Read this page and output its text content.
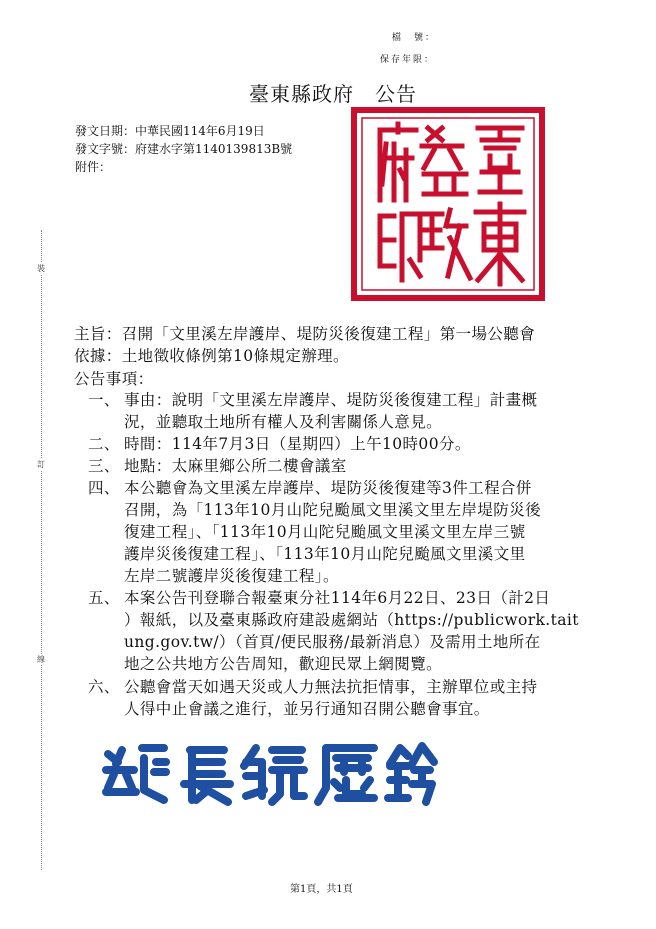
檔　號：
保存年限：
臺東縣政府　公告
發文日期：中華民國114年6月19日
發文字號：府建水字第1140139813B號
附件：
裝
訂
線
主旨：召開「文里溪左岸護岸、堤防災後復建工程」第一場公聽會
依據：土地徵收條例第10條規定辦理。
公告事項：
一、 事由：說明「文里溪左岸護岸、堤防災後復建工程」計畫概
況，並聽取土地所有權人及利害關係人意見。
二、 時間：114年7月3日（星期四）上午10時00分。
三、 地點：太麻里鄉公所二樓會議室
四、 本公聽會為文里溪左岸護岸、堤防災後復建等3件工程合併
召開，為「113年10月山陀兒颱風文里溪文里左岸堤防災後
復建工程」、「113年10月山陀兒颱風文里溪文里左岸三號
護岸災後復建工程」、「113年10月山陀兒颱風文里溪文里
左岸二號護岸災後復建工程」。
五、 本案公告刊登聯合報臺東分社114年6月22日、23日（計2日
）報紙，以及臺東縣政府建設處網站（https://publicwork.tait
ung.gov.tw/）（首頁/便民服務/最新消息）及需用土地所在
地之公共地方公告周知，歡迎民眾上網閱覽。
六、 公聽會當天如遇天災或人力無法抗拒情事，主辦單位或主持
人得中止會議之進行，並另行通知召開公聽會事宜。
第1頁，共1頁
